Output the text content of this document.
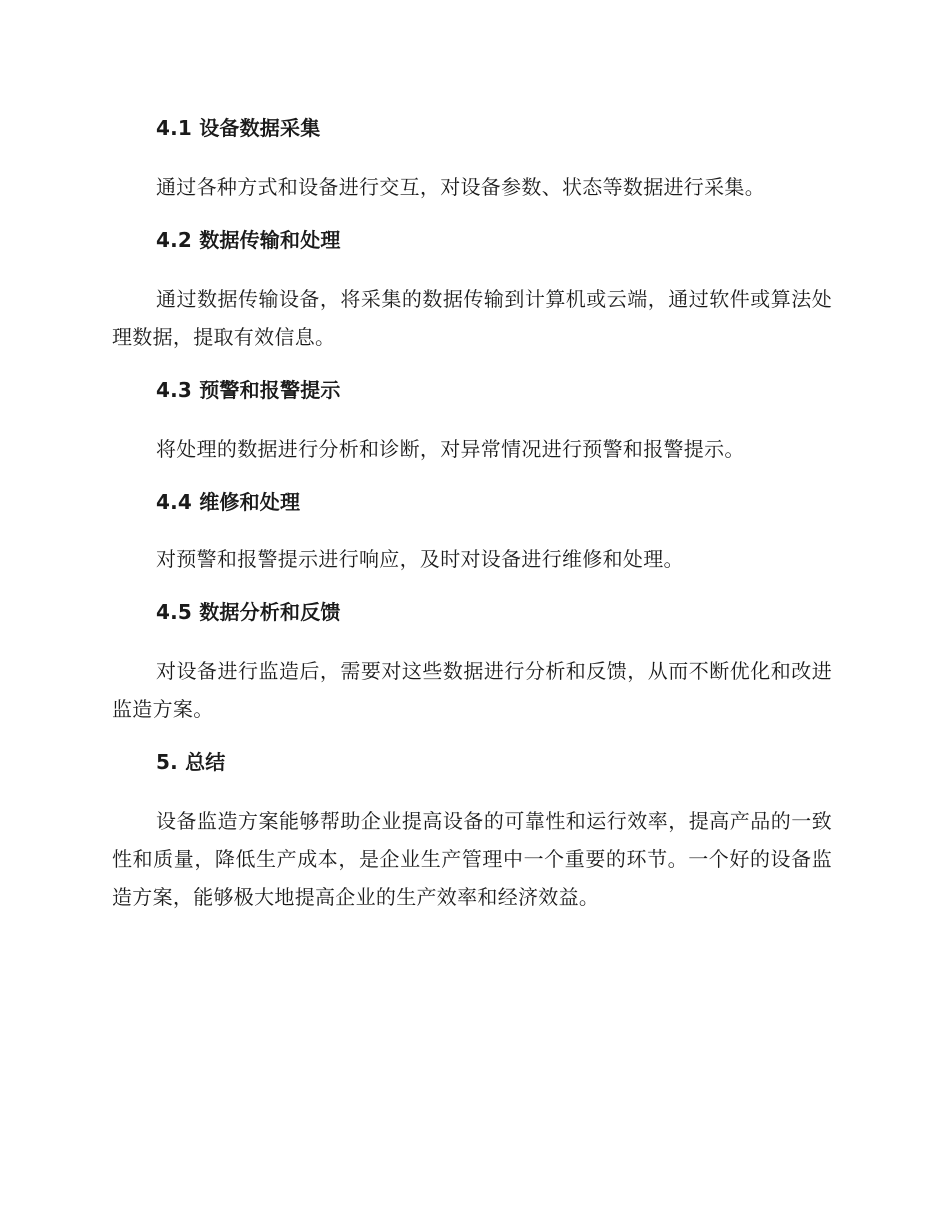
4.1 设备数据采集

通过各种方式和设备进行交互，对设备参数、状态等数据进行采集。

4.2 数据传输和处理

通过数据传输设备，将采集的数据传输到计算机或云端，通过软件或算法处理数据，提取有效信息。

4.3 预警和报警提示

将处理的数据进行分析和诊断，对异常情况进行预警和报警提示。

4.4 维修和处理

对预警和报警提示进行响应，及时对设备进行维修和处理。

4.5 数据分析和反馈

对设备进行监造后，需要对这些数据进行分析和反馈，从而不断优化和改进监造方案。

5. 总结

设备监造方案能够帮助企业提高设备的可靠性和运行效率，提高产品的一致性和质量，降低生产成本，是企业生产管理中一个重要的环节。一个好的设备监造方案，能够极大地提高企业的生产效率和经济效益。
